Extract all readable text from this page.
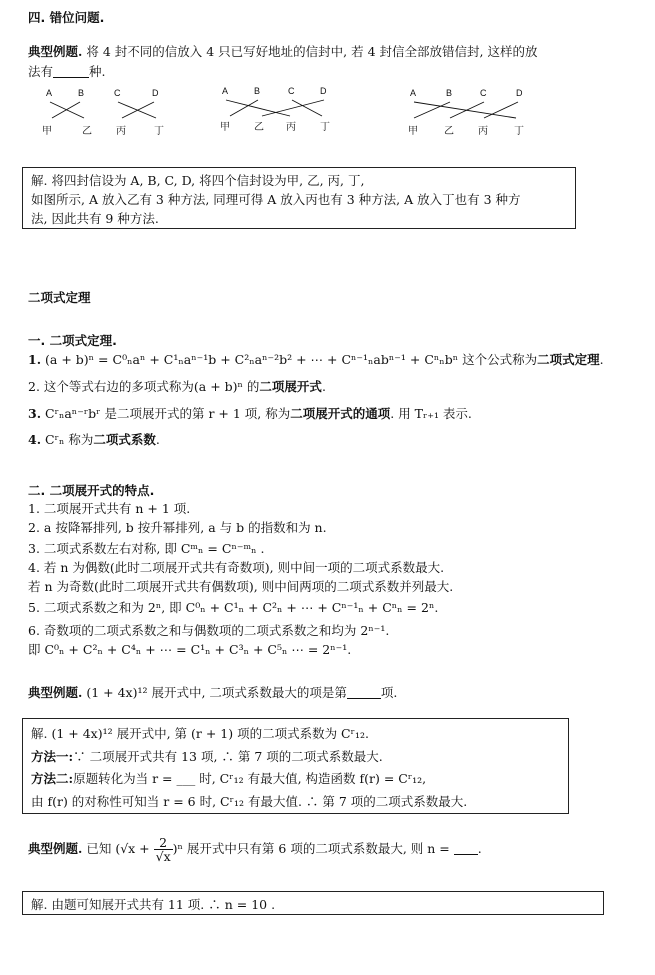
四. 错位问题.
典型例题. 将 4 封不同的信放入 4 只已写好地址的信封中, 若 4 封信全部放错信封, 这样的放
法有	种.
A	B	C	D
甲	乙 丙	丁
A	B	C	D
甲 乙 丙 丁
A	B	C	D
甲	乙 丙	丁
解. 将四封信设为 A, B, C, D, 将四个信封设为甲, 乙, 丙, 丁,
如图所示, A 放入乙有 3 种方法, 同理可得 A 放入丙也有 3 种方法, A 放入丁也有 3 种方
法, 因此共有 9 种方法.
二项式定理
一. 二项式定理.
1. (a + b)ⁿ = C⁰ₙaⁿ + C¹ₙaⁿ⁻¹b + C²ₙaⁿ⁻²b² + ⋯ + Cⁿ⁻¹ₙabⁿ⁻¹ + Cⁿₙbⁿ 这个公式称为二项式定理.
2. 这个等式右边的多项式称为(a + b)ⁿ 的二项展开式.
3. Cʳₙaⁿ⁻ʳbʳ 是二项展开式的第 r + 1 项, 称为二项展开式的通项. 用 Tᵣ₊₁ 表示.
4. Cʳₙ 称为二项式系数.
二. 二项展开式的特点.
1. 二项展开式共有 n + 1 项.
2. a 按降幂排列, b 按升幂排列, a 与 b 的指数和为 n.
3. 二项式系数左右对称, 即 Cᵐₙ = Cⁿ⁻ᵐₙ .
4. 若 n 为偶数(此时二项展开式共有奇数项), 则中间一项的二项式系数最大.
若 n 为奇数(此时二项展开式共有偶数项), 则中间两项的二项式系数并列最大.
5. 二项式系数之和为 2ⁿ, 即 C⁰ₙ + C¹ₙ + C²ₙ + ⋯ + Cⁿ⁻¹ₙ + Cⁿₙ = 2ⁿ.
6. 奇数项的二项式系数之和与偶数项的二项式系数之和均为 2ⁿ⁻¹.
即 C⁰ₙ + C²ₙ + C⁴ₙ + ⋯ = C¹ₙ + C³ₙ + C⁵ₙ ⋯ = 2ⁿ⁻¹.
典型例题. (1 + 4x)¹² 展开式中, 二项式系数最大的项是第	项.
解. (1 + 4x)¹² 展开式中, 第 (r + 1) 项的二项式系数为 Cʳ₁₂.
方法一:∵ 二项展开式共有 13 项, ∴ 第 7 项的二项式系数最大.
方法二:原题转化为当 r = ___ 时, Cʳ₁₂ 有最大值, 构造函数 f(r) = Cʳ₁₂,
由 f(r) 的对称性可知当 r = 6 时, Cʳ₁₂ 有最大值. ∴ 第 7 项的二项式系数最大.
典型例题. 已知 $(√x + \frac{2}{√x} )^n$ 展开式中只有第 6 项的二项式系数最大, 则 n = .
解. 由题可知展开式共有 11 项. ∴ n = 10 .
